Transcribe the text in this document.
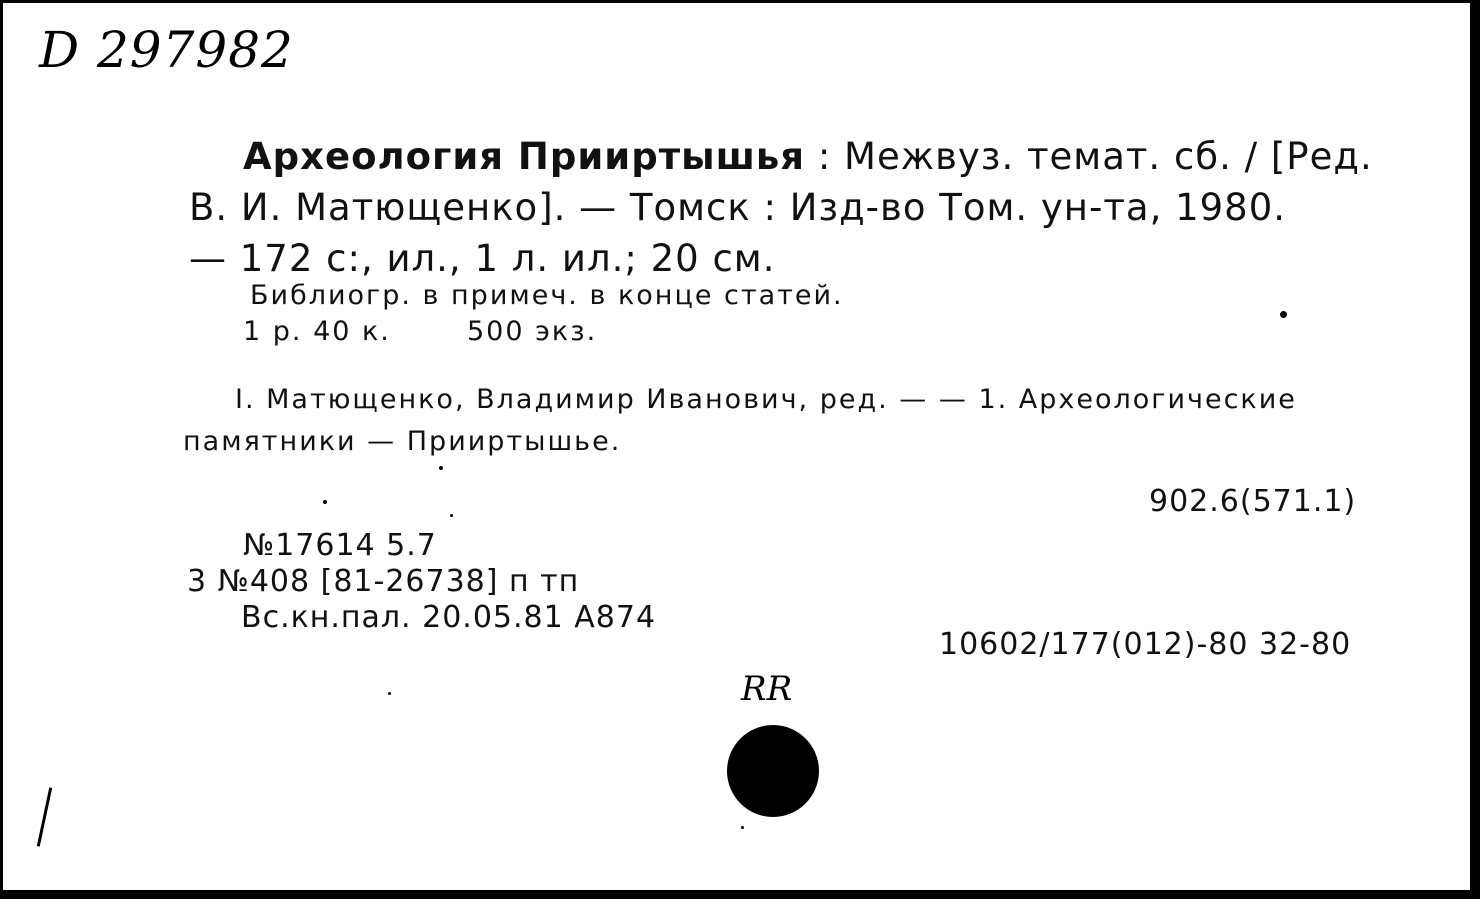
D 297982
Археология Прииртышья : Межвуз. темат. сб. / [Ред.
В. И. Матющенко]. — Томск : Изд-во Том. ун-та, 1980.
— 172 с:, ил., 1 л. ил.; 20 см.
Библиогр. в примеч. в конце статей.
1 р. 40 к.	500 экз.
I. Матющенко, Владимир Иванович, ред. — — 1. Археологические
памятники — Прииртышье.
902.6(571.1)
№17614 5.7
3 №408 [81-26738] п тп
Вс.кн.пал. 20.05.81 А874
10602/177(012)-80 32-80
RR
